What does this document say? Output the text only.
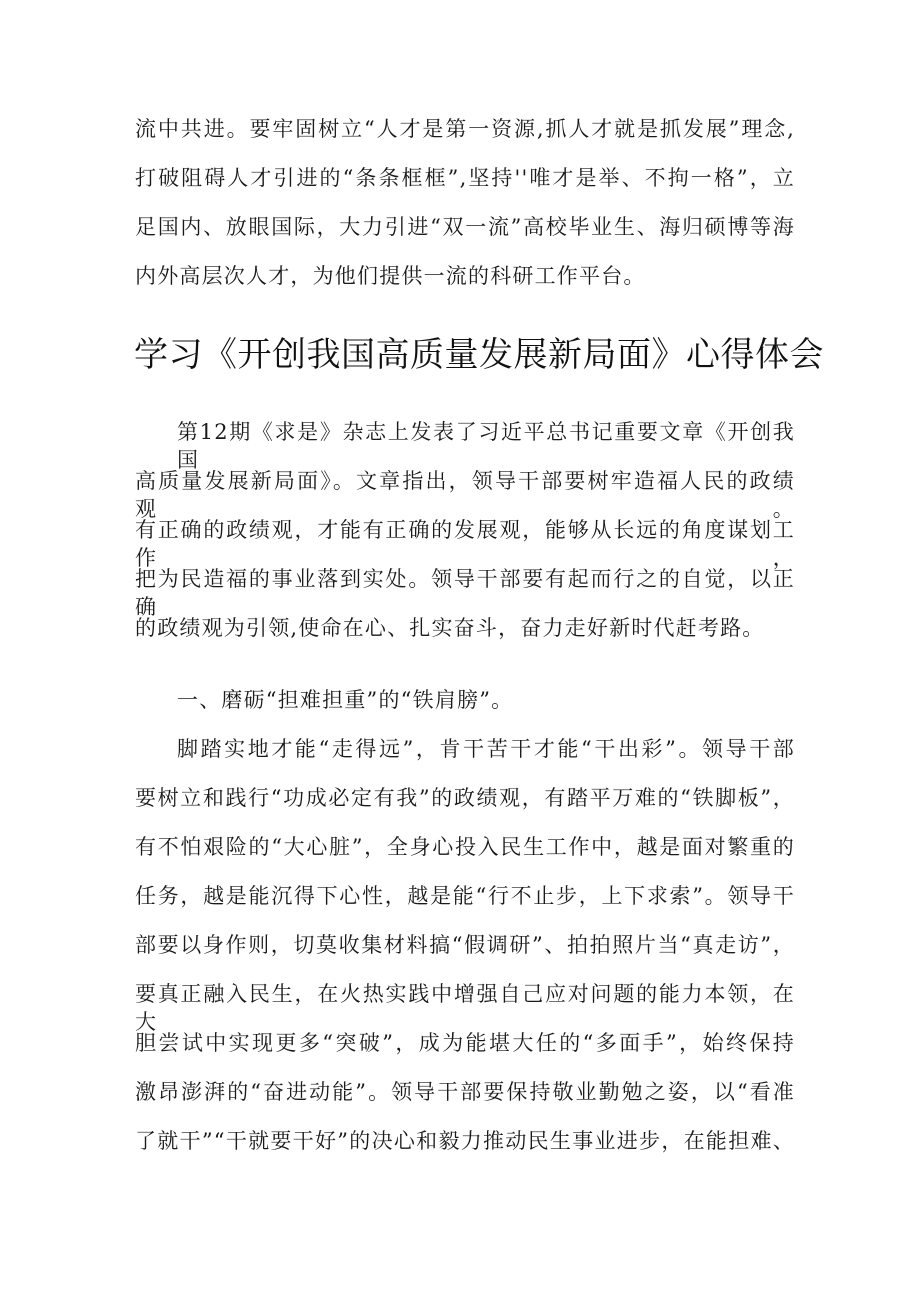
流中共进。要牢固树立“人才是第一资源,抓人才就是抓发展”理念,
打破阻碍人才引进的“条条框框”,坚持''唯才是举、不拘一格”，立
足国内、放眼国际，大力引进“双一流”高校毕业生、海归硕博等海
内外高层次人才，为他们提供一流的科研工作平台。
学习《开创我国高质量发展新局面》心得体会
第12期《求是》杂志上发表了习近平总书记重要文章《开创我国
高质量发展新局面》。文章指出，领导干部要树牢造福人民的政绩观。
有正确的政绩观，才能有正确的发展观，能够从长远的角度谋划工作，
把为民造福的事业落到实处。领导干部要有起而行之的自觉，以正确
的政绩观为引领,使命在心、扎实奋斗，奋力走好新时代赶考路。
一、磨砺“担难担重”的“铁肩膀”。
脚踏实地才能“走得远”，肯干苦干才能“干出彩”。领导干部
要树立和践行“功成必定有我”的政绩观，有踏平万难的“铁脚板”，
有不怕艰险的“大心脏”，全身心投入民生工作中，越是面对繁重的
任务，越是能沉得下心性，越是能“行不止步，上下求索”。领导干
部要以身作则，切莫收集材料搞“假调研”、拍拍照片当“真走访”，
要真正融入民生，在火热实践中增强自己应对问题的能力本领，在大
胆尝试中实现更多“突破”，成为能堪大任的“多面手”，始终保持
激昂澎湃的“奋进动能”。领导干部要保持敬业勤勉之姿，以“看准
了就干”“干就要干好”的决心和毅力推动民生事业进步，在能担难、
